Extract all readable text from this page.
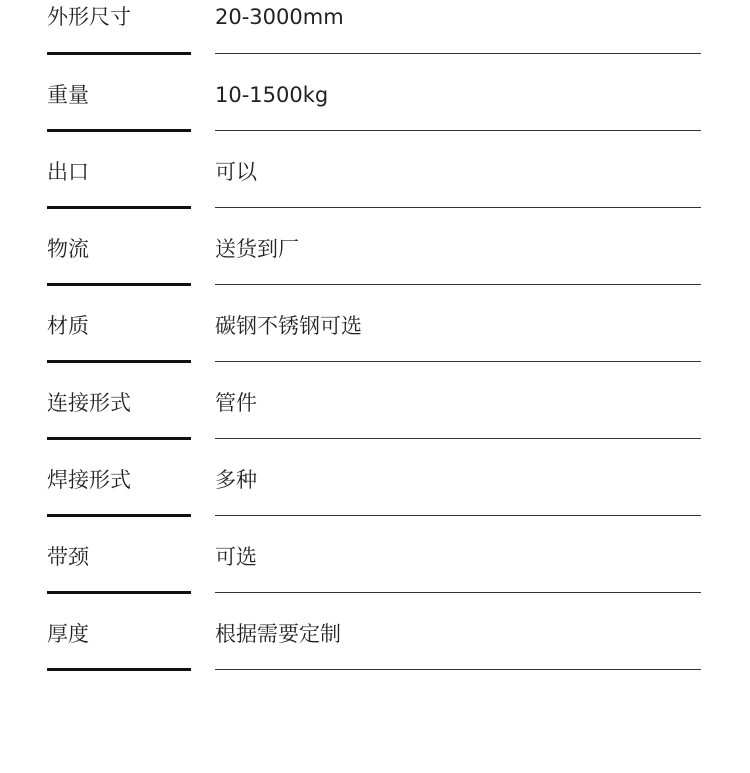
外形尺寸	20-3000mm
重量	10-1500kg
出口	可以
物流	送货到厂
材质	碳钢不锈钢可选
连接形式	管件
焊接形式	多种
带颈	可选
厚度	根据需要定制
